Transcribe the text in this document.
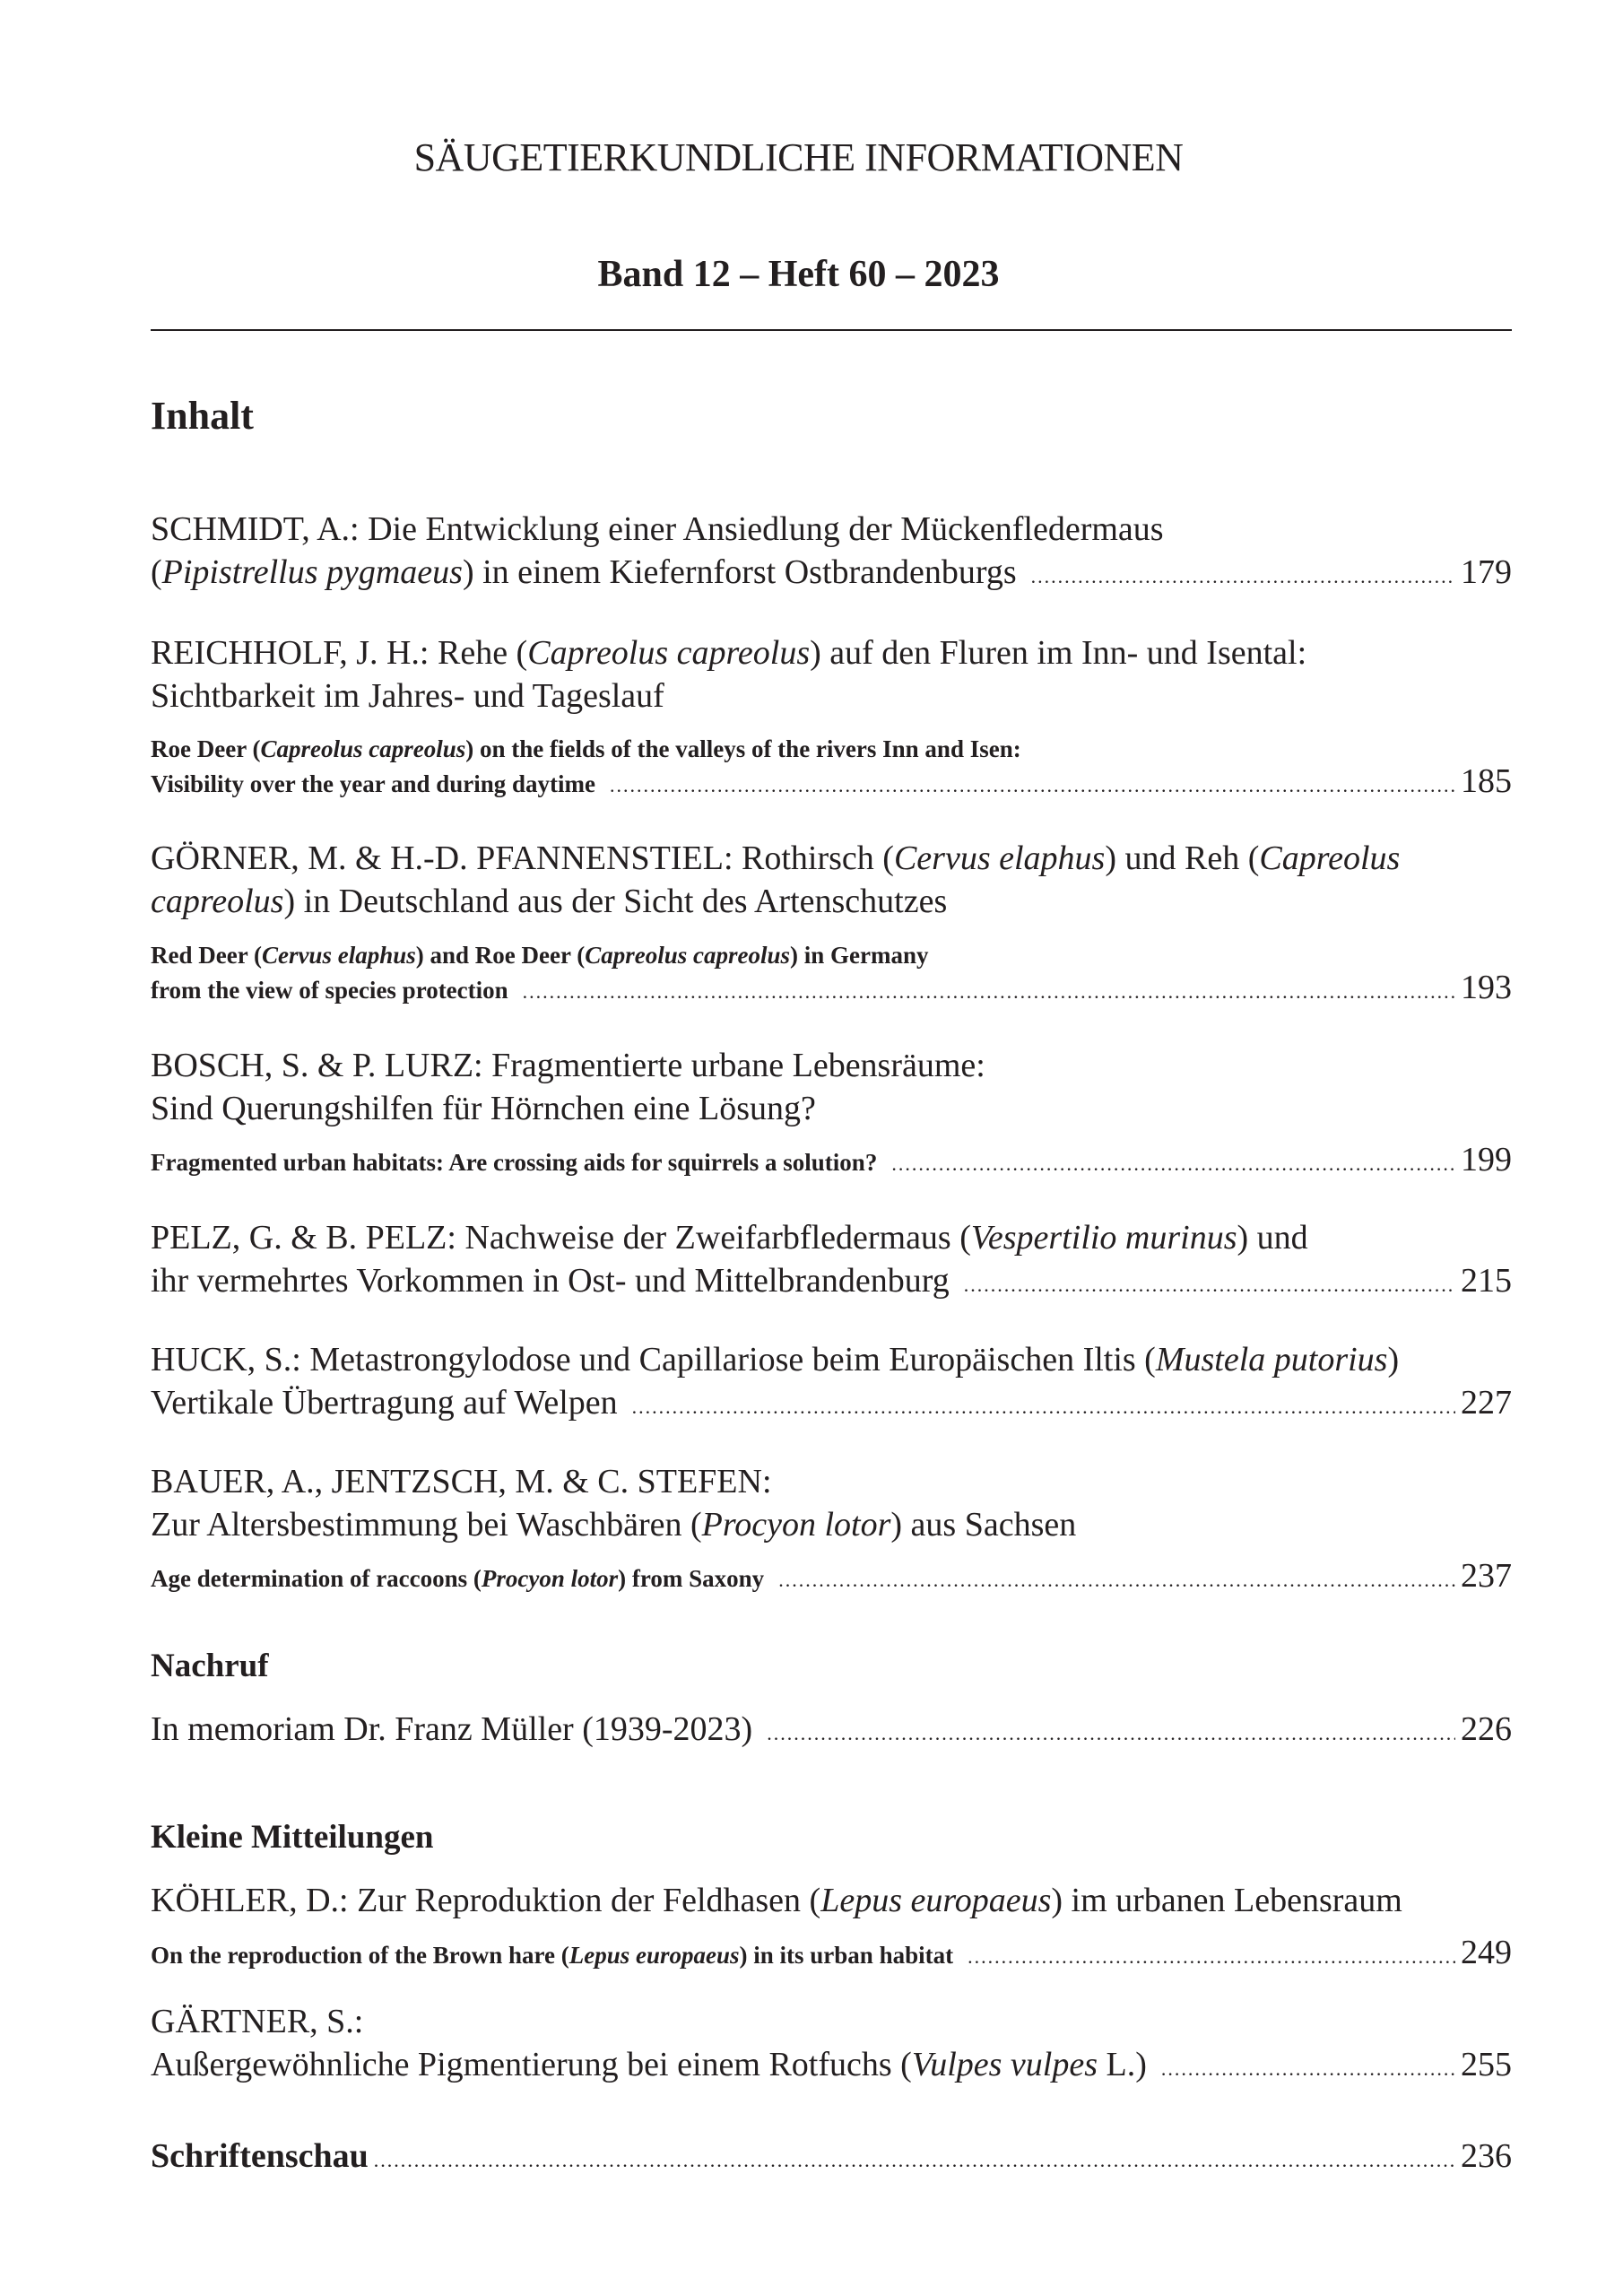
SÄUGETIERKUNDLICHE INFORMATIONEN
Band 12 – Heft 60 – 2023
Inhalt
SCHMIDT, A.: Die Entwicklung einer Ansiedlung der Mückenfledermaus
(Pipistrellus pygmaeus) in einem Kiefernforst Ostbrandenburgs .....	179
REICHHOLF, J. H.: Rehe (Capreolus capreolus) auf den Fluren im Inn- und Isental:
Sichtbarkeit im Jahres- und Tageslauf
Roe Deer (Capreolus capreolus) on the fields of the valleys of the rivers Inn and Isen:
Visibility over the year and during daytime .....	185
GÖRNER, M. & H.-D. PFANNENSTIEL: Rothirsch (Cervus elaphus) und Reh (Capreolus
capreolus) in Deutschland aus der Sicht des Artenschutzes
Red Deer (Cervus elaphus) and Roe Deer (Capreolus capreolus) in Germany
from the view of species protection .....	193
BOSCH, S. & P. LURZ: Fragmentierte urbane Lebensräume:
Sind Querungshilfen für Hörnchen eine Lösung?
Fragmented urban habitats: Are crossing aids for squirrels a solution? .....	199
PELZ, G. & B. PELZ: Nachweise der Zweifarbfledermaus (Vespertilio murinus) und
ihr vermehrtes Vorkommen in Ost- und Mittelbrandenburg .....	215
HUCK, S.: Metastrongylodose und Capillariose beim Europäischen Iltis (Mustela putorius)
Vertikale Übertragung auf Welpen .....	227
BAUER, A., JENTZSCH, M. & C. STEFEN:
Zur Altersbestimmung bei Waschbären (Procyon lotor) aus Sachsen
Age determination of raccoons (Procyon lotor) from Saxony .....	237
Nachruf
In memoriam Dr. Franz Müller (1939-2023) .....	226
Kleine Mitteilungen
KÖHLER, D.: Zur Reproduktion der Feldhasen (Lepus europaeus) im urbanen Lebensraum
On the reproduction of the Brown hare (Lepus europaeus) in its urban habitat .....	249
GÄRTNER, S.:
Außergewöhnliche Pigmentierung bei einem Rotfuchs (Vulpes vulpes L.) .....	255
Schriftenschau .....	236
